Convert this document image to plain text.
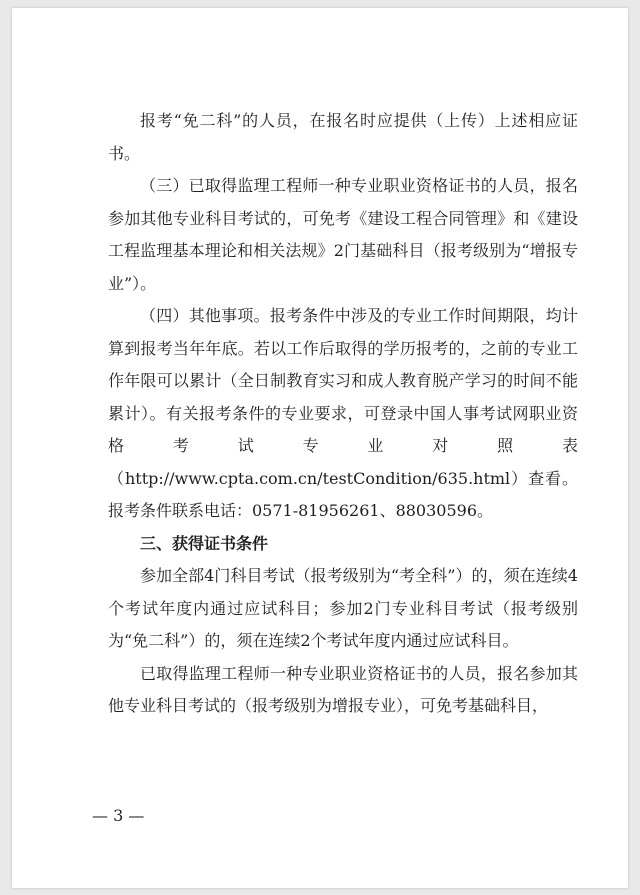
报考“免二科”的人员，在报名时应提供（上传）上述相应证书。

（三）已取得监理工程师一种专业职业资格证书的人员，报名参加其他专业科目考试的，可免考《建设工程合同管理》和《建设工程监理基本理论和相关法规》2门基础科目（报考级别为“增报专业”）。

（四）其他事项。报考条件中涉及的专业工作时间期限，均计算到报考当年年底。若以工作后取得的学历报考的，之前的专业工作年限可以累计（全日制教育实习和成人教育脱产学习的时间不能累计）。有关报考条件的专业要求，可登录中国人事考试网职业资格考试专业对照表（http://www.cpta.com.cn/testCondition/635.html）查看。报考条件联系电话：0571-81956261、88030596。

三、获得证书条件

参加全部4门科目考试（报考级别为“考全科”）的，须在连续4个考试年度内通过应试科目；参加2门专业科目考试（报考级别为“免二科”）的，须在连续2个考试年度内通过应试科目。

已取得监理工程师一种专业职业资格证书的人员，报名参加其他专业科目考试的（报考级别为增报专业），可免考基础科目，

— 3 —
